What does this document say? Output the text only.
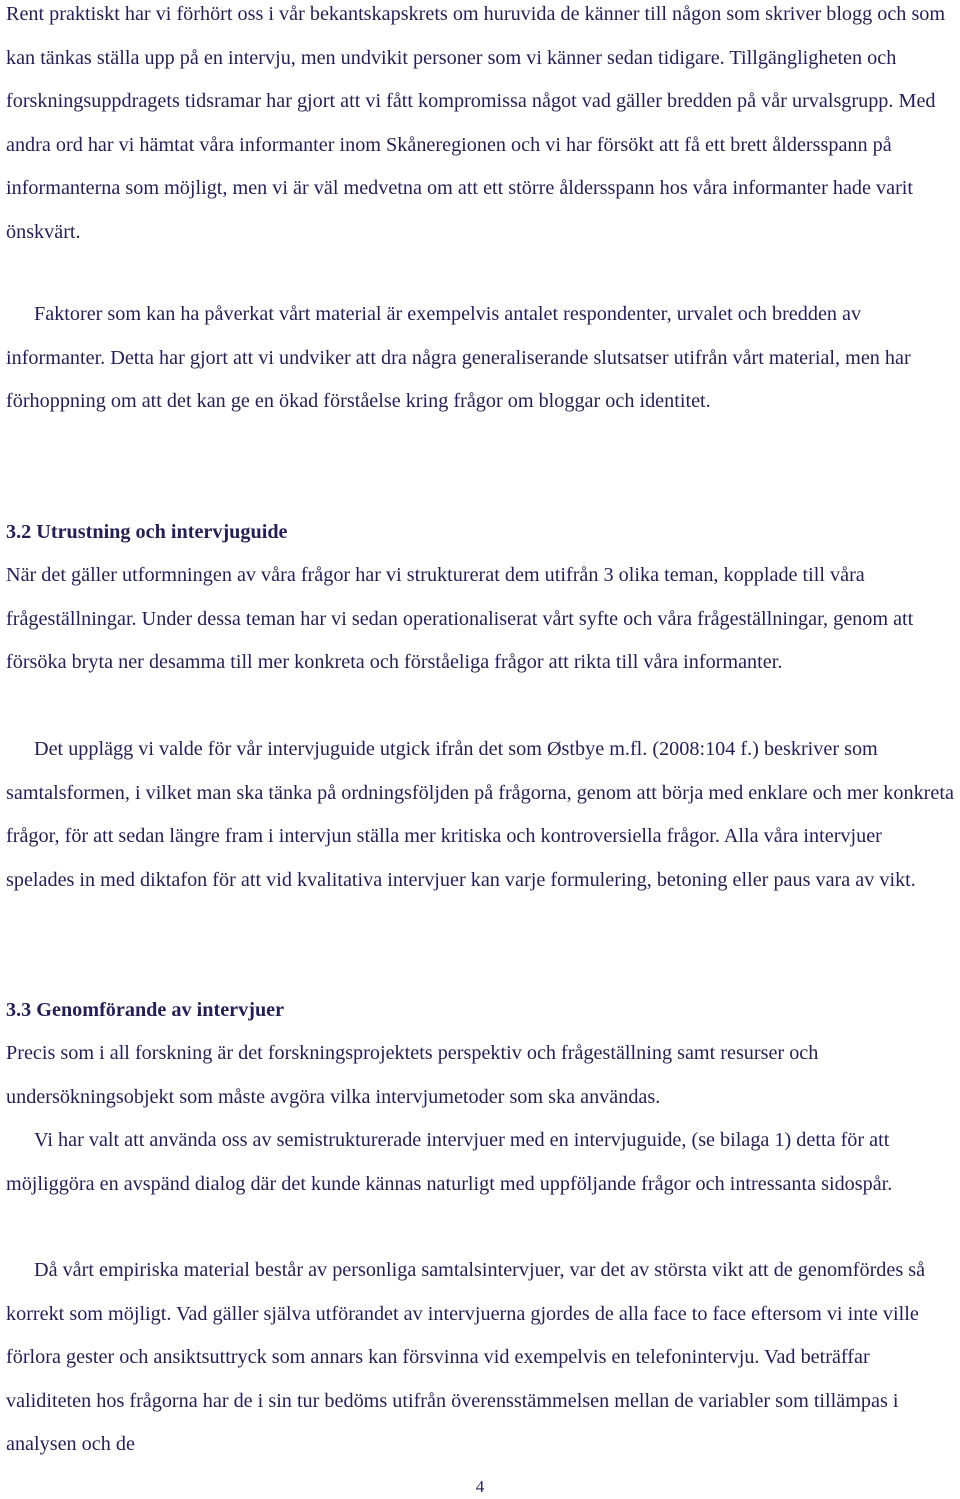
Rent praktiskt har vi förhört oss i vår bekantskapskrets om huruvida de känner till någon som skriver blogg och som kan tänkas ställa upp på en intervju, men undvikit personer som vi känner sedan tidigare. Tillgängligheten och forskningsuppdragets tidsramar har gjort att vi fått kompromissa något vad gäller bredden på vår urvalsgrupp. Med andra ord har vi hämtat våra informanter inom Skåneregionen och vi har försökt att få ett brett åldersspann på informanterna som möjligt, men vi är väl medvetna om att ett större åldersspann hos våra informanter hade varit önskvärt.

Faktorer som kan ha påverkat vårt material är exempelvis antalet respondenter, urvalet och bredden av informanter. Detta har gjort att vi undviker att dra några generaliserande slutsatser utifrån vårt material, men har förhoppning om att det kan ge en ökad förståelse kring frågor om bloggar och identitet.

3.2 Utrustning och intervjuguide

När det gäller utformningen av våra frågor har vi strukturerat dem utifrån 3 olika teman, kopplade till våra frågeställningar. Under dessa teman har vi sedan operationaliserat vårt syfte och våra frågeställningar, genom att försöka bryta ner desamma till mer konkreta och förståeliga frågor att rikta till våra informanter.

Det upplägg vi valde för vår intervjuguide utgick ifrån det som Østbye m.fl. (2008:104 f.) beskriver som samtalsformen, i vilket man ska tänka på ordningsföljden på frågorna, genom att börja med enklare och mer konkreta frågor, för att sedan längre fram i intervjun ställa mer kritiska och kontroversiella frågor. Alla våra intervjuer spelades in med diktafon för att vid kvalitativa intervjuer kan varje formulering, betoning eller paus vara av vikt.

3.3 Genomförande av intervjuer

Precis som i all forskning är det forskningsprojektets perspektiv och frågeställning samt resurser och undersökningsobjekt som måste avgöra vilka intervjumetoder som ska användas.

Vi har valt att använda oss av semistrukturerade intervjuer med en intervjuguide, (se bilaga 1) detta för att möjliggöra en avspänd dialog där det kunde kännas naturligt med uppföljande frågor och intressanta sidospår.

Då vårt empiriska material består av personliga samtalsintervjuer, var det av största vikt att de genomfördes så korrekt som möjligt. Vad gäller själva utförandet av intervjuerna gjordes de alla face to face eftersom vi inte ville förlora gester och ansiktsuttryck som annars kan försvinna vid exempelvis en telefonintervju. Vad beträffar validiteten hos frågorna har de i sin tur bedöms utifrån överensstämmelsen mellan de variabler som tillämpas i analysen och de

4
